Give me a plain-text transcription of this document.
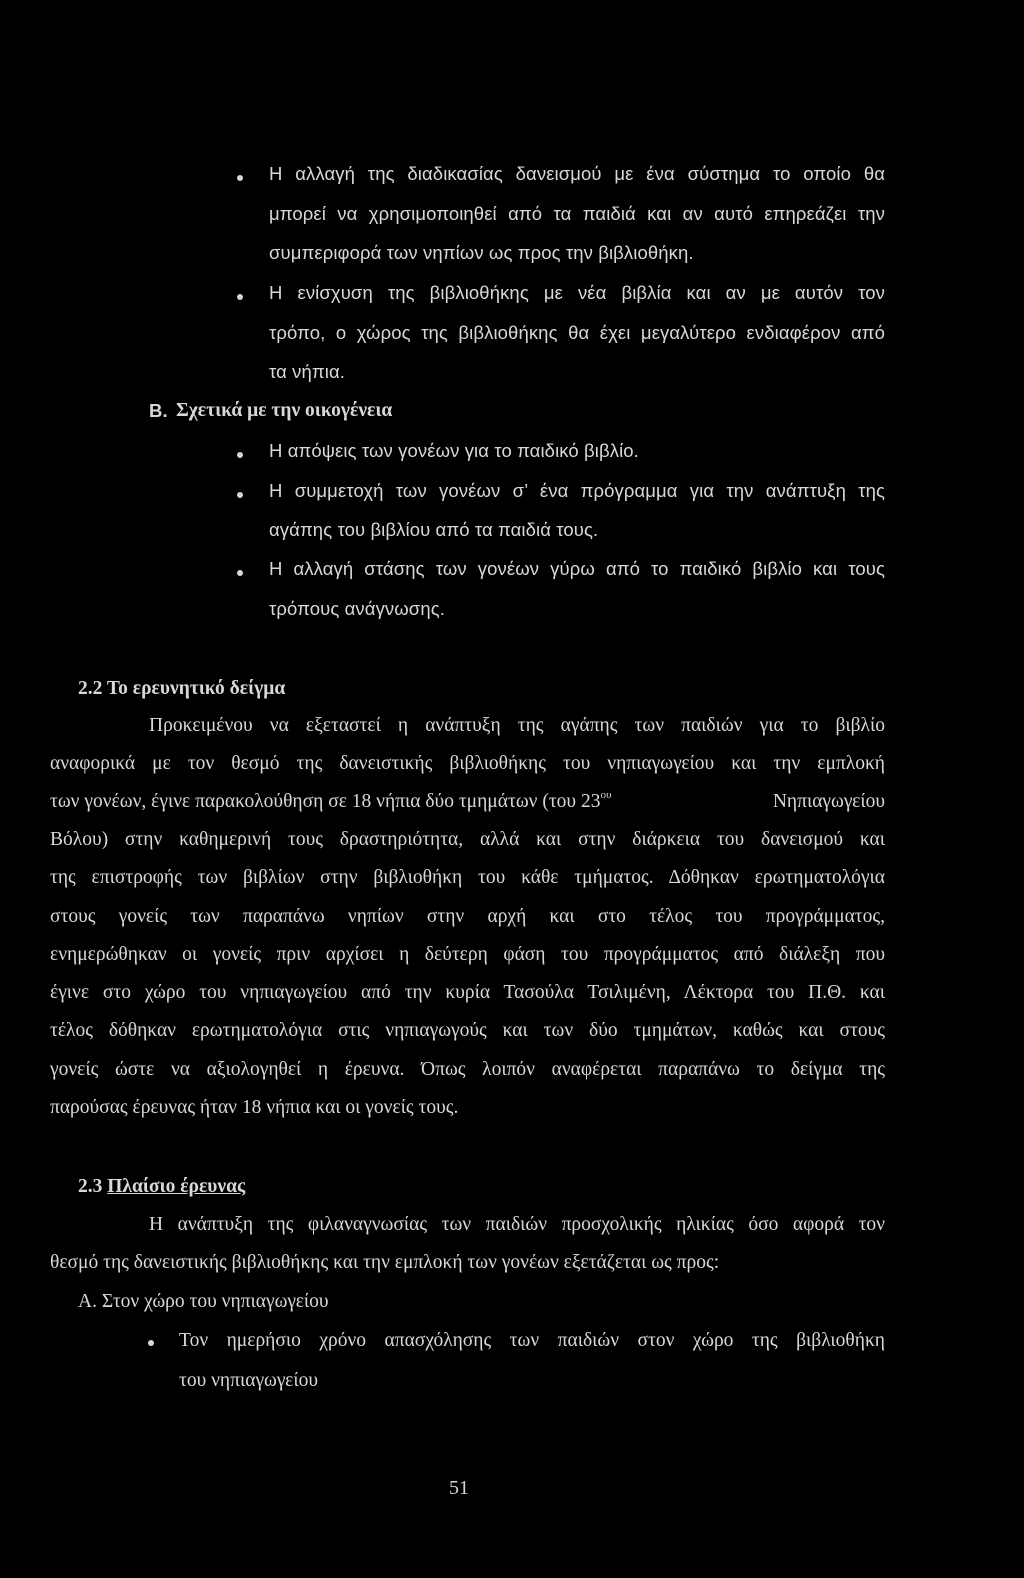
Η αλλαγή της διαδικασίας δανεισμού με ένα σύστημα το οποίο θα
μπορεί να χρησιμοποιηθεί από τα παιδιά και αν αυτό επηρεάζει την
συμπεριφορά των νηπίων ως προς την βιβλιοθήκη.
Η ενίσχυση της βιβλιοθήκης με νέα βιβλία και αν με αυτόν τον
τρόπο, ο χώρος της βιβλιοθήκης θα έχει μεγαλύτερο ενδιαφέρον από
τα νήπια.
Β. Σχετικά με την οικογένεια
Η απόψεις των γονέων για το παιδικό βιβλίο.
Η συμμετοχή των γονέων σ’ ένα πρόγραμμα για την ανάπτυξη της
αγάπης του βιβλίου από τα παιδιά τους.
Η αλλαγή στάσης των γονέων γύρω από το παιδικό βιβλίο και τους
τρόπους ανάγνωσης.
2.2 Το ερευνητικό δείγμα
Προκειμένου να εξεταστεί η ανάπτυξη της αγάπης των παιδιών για το βιβλίο
αναφορικά με τον θεσμό της δανειστικής βιβλιοθήκης του νηπιαγωγείου και την εμπλοκή
των γονέων, έγινε παρακολούθηση σε 18 νήπια δύο τμημάτων (του $23^{o\upsilon}$	Νηπιαγωγείου
Βόλου) στην καθημερινή τους δραστηριότητα, αλλά και στην διάρκεια του δανεισμού και
της επιστροφής των βιβλίων στην βιβλιοθήκη του κάθε τμήματος. Δόθηκαν ερωτηματολόγια
στους γονείς των παραπάνω νηπίων στην αρχή και στο τέλος του προγράμματος,
ενημερώθηκαν οι γονείς πριν αρχίσει η δεύτερη φάση του προγράμματος από διάλεξη που
έγινε στο χώρο του νηπιαγωγείου από την κυρία Τασούλα Τσιλιμένη, Λέκτορα του Π.Θ. και
τέλος δόθηκαν ερωτηματολόγια στις νηπιαγωγούς και των δύο τμημάτων, καθώς και στους
γονείς ώστε να αξιολογηθεί η έρευνα. Όπως λοιπόν αναφέρεται παραπάνω το δείγμα της
παρούσας έρευνας ήταν 18 νήπια και οι γονείς τους.
2.3 Πλαίσιο έρευνας
Η ανάπτυξη της φιλαναγνωσίας των παιδιών προσχολικής ηλικίας όσο αφορά τον
θεσμό της δανειστικής βιβλιοθήκης και την εμπλοκή των γονέων εξετάζεται ως προς:
Α. Στον χώρο του νηπιαγωγείου
Τον ημερήσιο χρόνο απασχόλησης των παιδιών στον χώρο της βιβλιοθήκη
του νηπιαγωγείου
51
